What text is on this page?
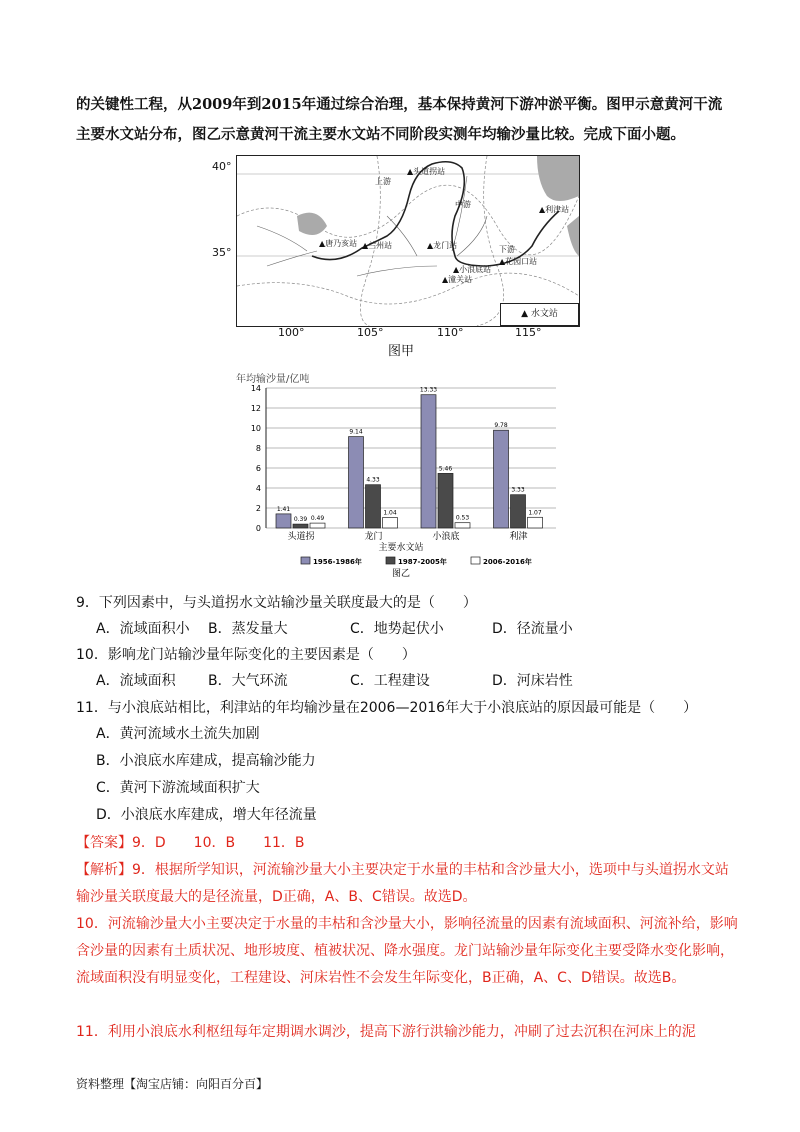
的关键性工程，从2009年到2015年通过综合治理，基本保持黄河下游冲淤平衡。图甲示意黄河干流主要水文站分布，图乙示意黄河干流主要水文站不同阶段实测年均输沙量比较。完成下面小题。

40°
35°
上游
中游
下游
▲头道拐站
▲利津站
▲唐乃亥站 ▲兰州站	▲龙门站
▲小浪底站
▲花园口站
▲潼关站
▲ 水文站
100°	105°	110°	115°
图甲
年均输沙量/亿吨
0
2
4
6
8
10
12
14
1.41
0.39 0.49
头道拐
9.14
4.33
1.04
龙门
13.33
5.46
0.53
小浪底
9.78
3.33
1.07
利津
主要水文站
1956-1986年	1987-2005年	2006-2016年
图乙
9．下列因素中，与头道拐水文站输沙量关联度最大的是（　　）
A．流域面积小 B．蒸发量大	C．地势起伏小	D．径流量小
10．影响龙门站输沙量年际变化的主要因素是（　　）
A．流域面积 B．大气环流	C．工程建设	D．河床岩性
11．与小浪底站相比，利津站的年均输沙量在2006—2016年大于小浪底站的原因最可能是（　　）
A．黄河流域水土流失加剧
B．小浪底水库建成，提高输沙能力
C．黄河下游流域面积扩大
D．小浪底水库建成，增大年径流量
【答案】9．D　　10．B　　11．B
【解析】9．根据所学知识，河流输沙量大小主要决定于水量的丰枯和含沙量大小，选项中与头道拐水文站输沙量关联度最大的是径流量，D正确，A、B、C错误。故选D。
10．河流输沙量大小主要决定于水量的丰枯和含沙量大小，影响径流量的因素有流域面积、河流补给，影响含沙量的因素有土质状况、地形坡度、植被状况、降水强度。龙门站输沙量年际变化主要受降水变化影响，流域面积没有明显变化，工程建设、河床岩性不会发生年际变化，B正确，A、C、D错误。故选B。
11．利用小浪底水利枢纽每年定期调水调沙，提高下游行洪输沙能力，冲刷了过去沉积在河床上的泥
资料整理【淘宝店铺：向阳百分百】
